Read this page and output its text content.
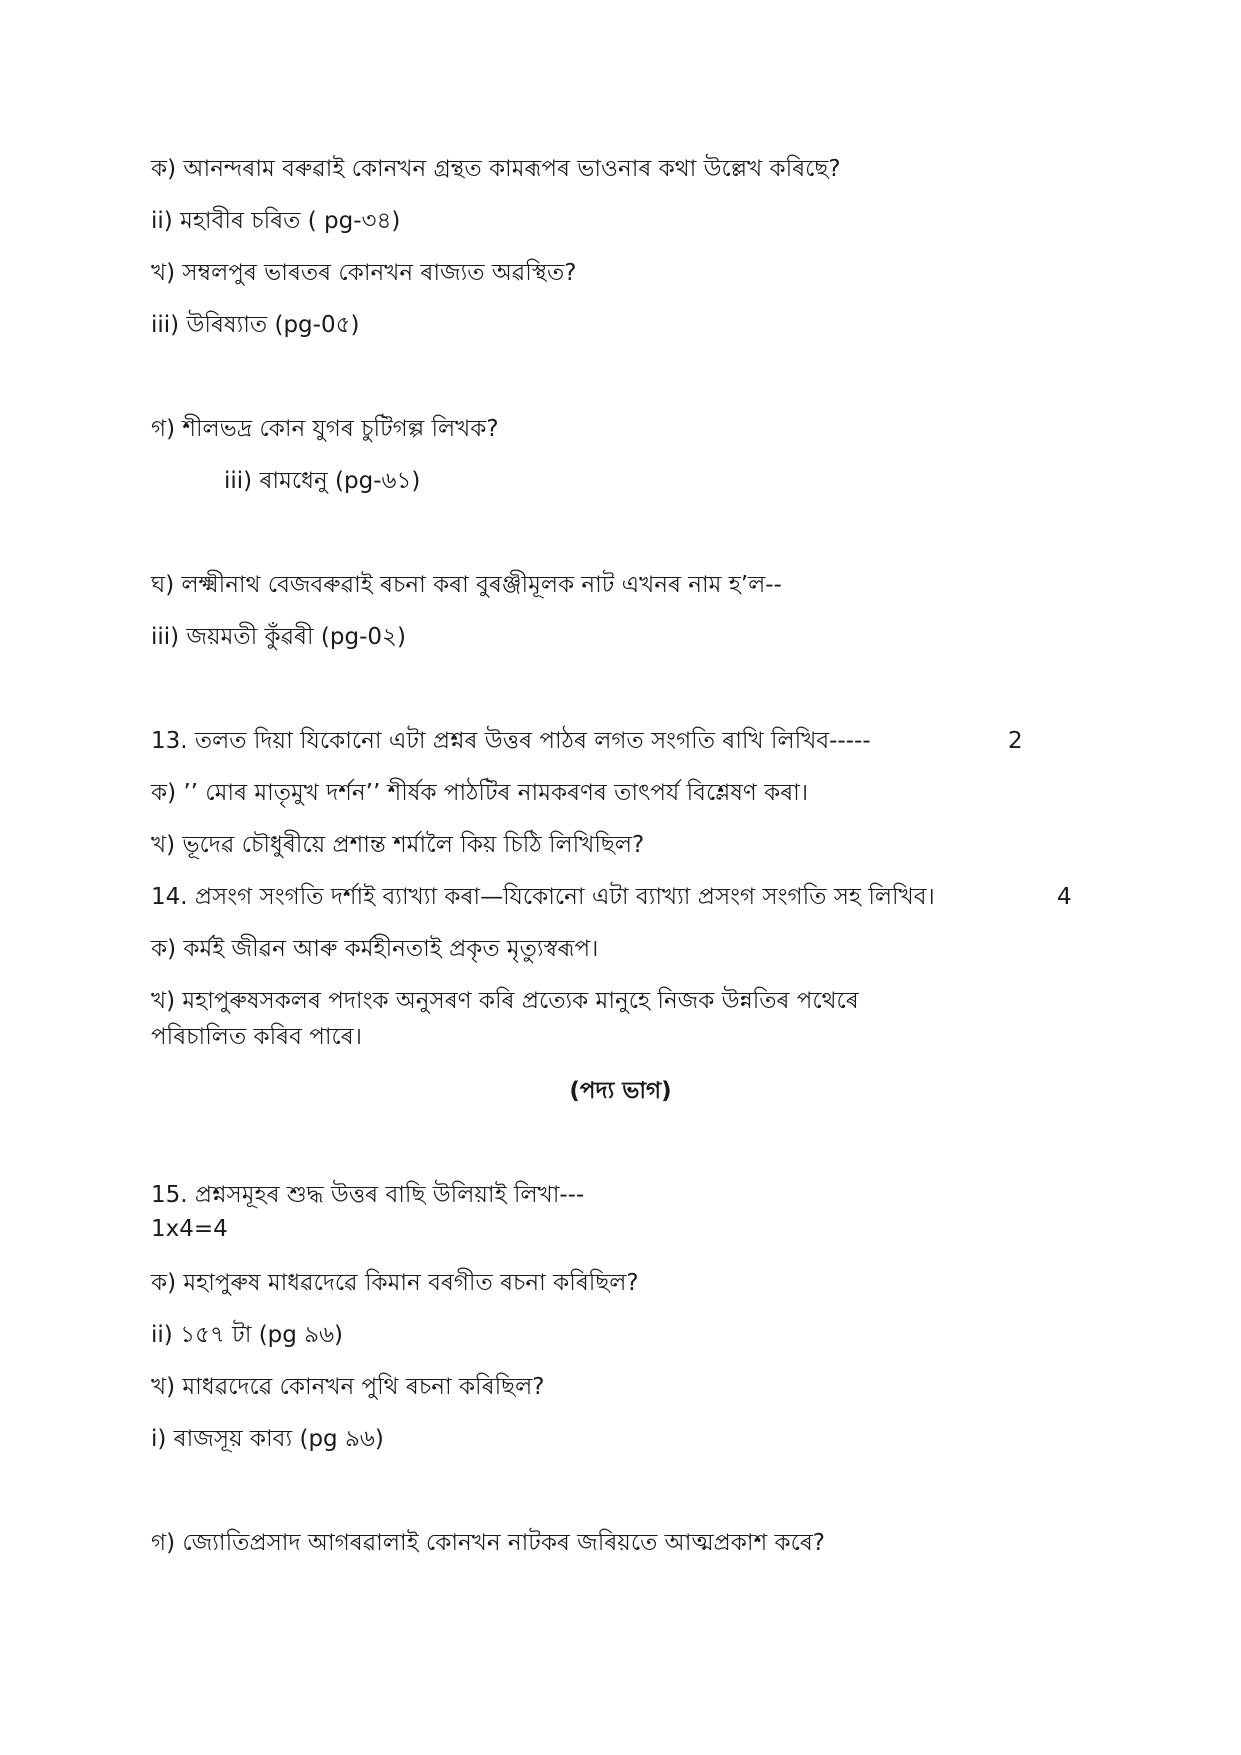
ক) আনন্দৰাম বৰুৱাই কোনখন গ্ৰন্থত কামৰূপৰ ভাওনাৰ কথা উল্লেখ কৰিছে?
ii) মহাবীৰ চৰিত ( pg-৩৪)
খ) সম্বলপুৰ ভাৰতৰ কোনখন ৰাজ্যত অৱস্থিত?
iii) উৰিষ্যাত (pg-0৫)
গ) শীলভদ্ৰ কোন যুগৰ চুটিগল্প লিখক?
iii) ৰামধেনু (pg-৬১)
ঘ) লক্ষ্মীনাথ বেজবৰুৱাই ৰচনা কৰা বুৰঞ্জীমূলক নাট এখনৰ নাম হ’ল--
iii) জয়মতী কুঁৱৰী (pg-0২)
13. তলত দিয়া যিকোনো এটা প্ৰশ্নৰ উত্তৰ পাঠৰ লগত সংগতি ৰাখি লিখিব-----	2
ক) ’’ মোৰ মাতৃমুখ দৰ্শন’’ শীৰ্ষক পাঠটিৰ নামকৰণৰ তাৎপৰ্য বিশ্লেষণ কৰা।
খ) ভূদেৱ চৌধুৰীয়ে প্ৰশান্ত শৰ্মালৈ কিয় চিঠি লিখিছিল?
14. প্ৰসংগ সংগতি দৰ্শাই ব্যাখ্যা কৰা—যিকোনো এটা ব্যাখ্যা প্ৰসংগ সংগতি সহ লিখিব।	4
ক) কৰ্মই জীৱন আৰু কৰ্মহীনতাই প্ৰকৃত মৃত্যুস্বৰূপ।
খ) মহাপুৰুষসকলৰ পদাংক অনুসৰণ কৰি প্ৰত্যেক মানুহে নিজক উন্নতিৰ পথেৰে
পৰিচালিত কৰিব পাৰে।
(পদ্য ভাগ)
15. প্ৰশ্নসমূহৰ শুদ্ধ উত্তৰ বাছি উলিয়াই লিখা---
1x4=4
ক) মহাপুৰুষ মাধৱদেৱে কিমান বৰগীত ৰচনা কৰিছিল?
ii) ১৫৭ টা (pg ৯৬)
খ) মাধৱদেৱে কোনখন পুথি ৰচনা কৰিছিল?
i) ৰাজসূয় কাব্য (pg ৯৬)
গ) জ্যোতিপ্ৰসাদ আগৰৱালাই কোনখন নাটকৰ জৰিয়তে আত্মপ্ৰকাশ কৰে?
